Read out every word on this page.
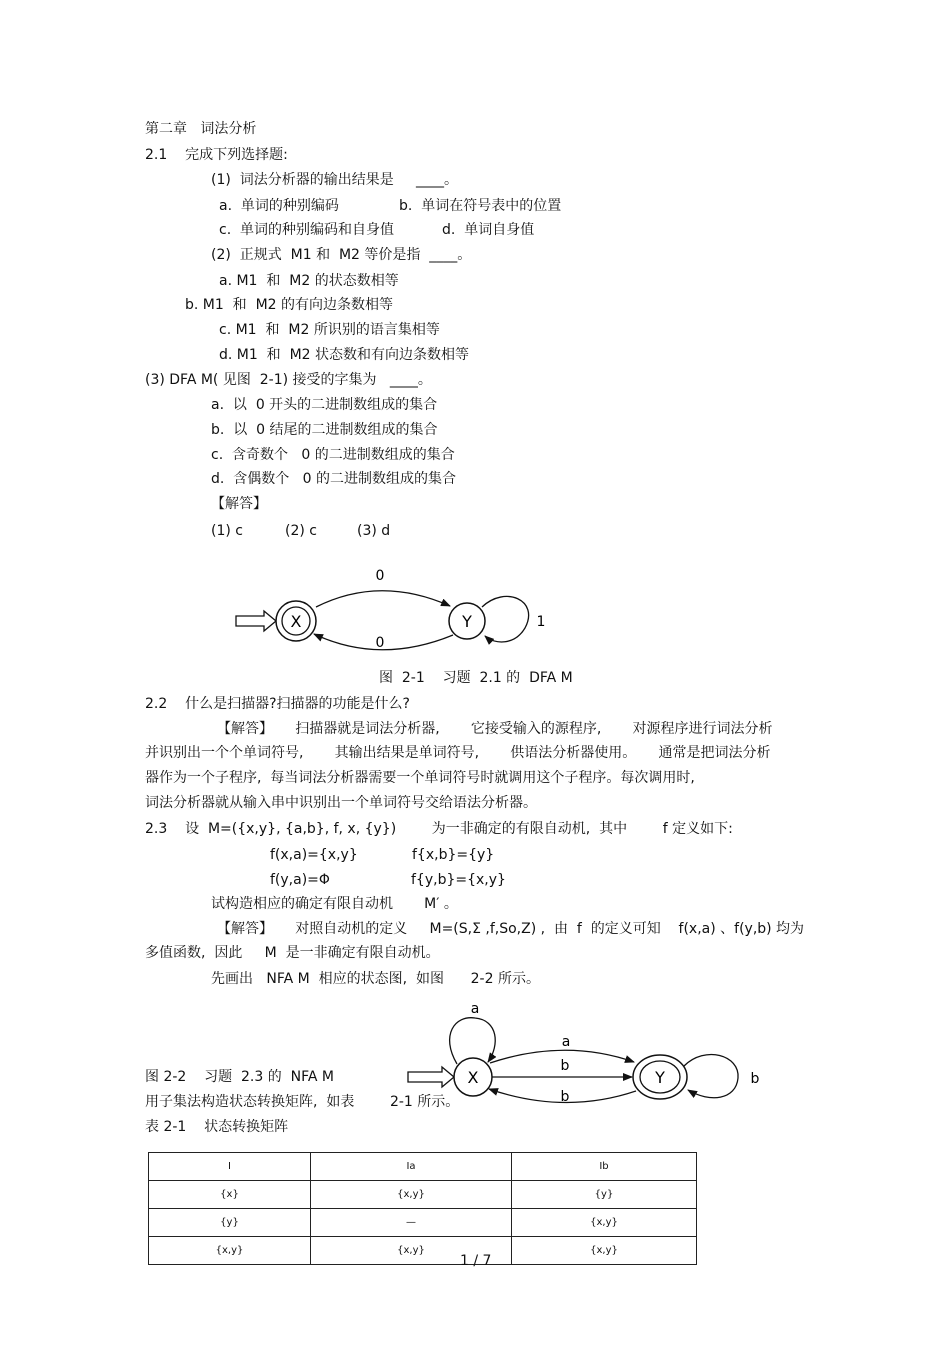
第二章   词法分析
2.1    完成下列选择题:
(1)  词法分析器的输出结果是     ____。
a.  单词的种别编码	b.  单词在符号表中的位置
c.  单词的种别编码和自身值	d.  单词自身值
(2)  正规式  M1 和  M2 等价是指  ____。
a. M1  和  M2 的状态数相等
b. M1  和  M2 的有向边条数相等
c. M1  和  M2 所识别的语言集相等
d. M1  和  M2 状态数和有向边条数相等
(3) DFA M( 见图  2-1) 接受的字集为   ____。
a.  以  0 开头的二进制数组成的集合
b.  以  0 结尾的二进制数组成的集合
c.  含奇数个   0 的二进制数组成的集合
d.  含偶数个   0 的二进制数组成的集合
【解答】
(1) c	(2) c	(3) d
X	Y
0
0
1
X	Y
a
a
b
b
b
图  2-1    习题  2.1 的  DFA M
2.2    什么是扫描器?扫描器的功能是什么?
【解答】     扫描器就是词法分析器,       它接受输入的源程序,       对源程序进行词法分析
并识别出一个个单词符号,       其输出结果是单词符号,       供语法分析器使用。     通常是把词法分析
器作为一个子程序,  每当词法分析器需要一个单词符号时就调用这个子程序。每次调用时,
词法分析器就从输入串中识别出一个单词符号交给语法分析器。
2.3    设  M=({x,y}, {a,b}, f, x, {y})        为一非确定的有限自动机,  其中        f 定义如下:
f(x,a)={x,y}	f{x,b}={y}
f(y,a)=Φ	f{y,b}={x,y}
试构造相应的确定有限自动机       M′ 。
【解答】     对照自动机的定义     M=(S,Σ ,f,So,Z) ,  由  f  的定义可知    f(x,a) 、f(y,b) 均为
多值函数,  因此     M  是一非确定有限自动机。
先画出   NFA M  相应的状态图,  如图      2-2 所示。
图 2-2    习题  2.3 的  NFA M
用子集法构造状态转换矩阵,  如表        2-1 所示。
表 2-1    状态转换矩阵
I	Ia	Ib
{x}	{x,y}	{y}
{y}	—	{x,y}
{x,y}	{x,y}	{x,y}
1 / 7
